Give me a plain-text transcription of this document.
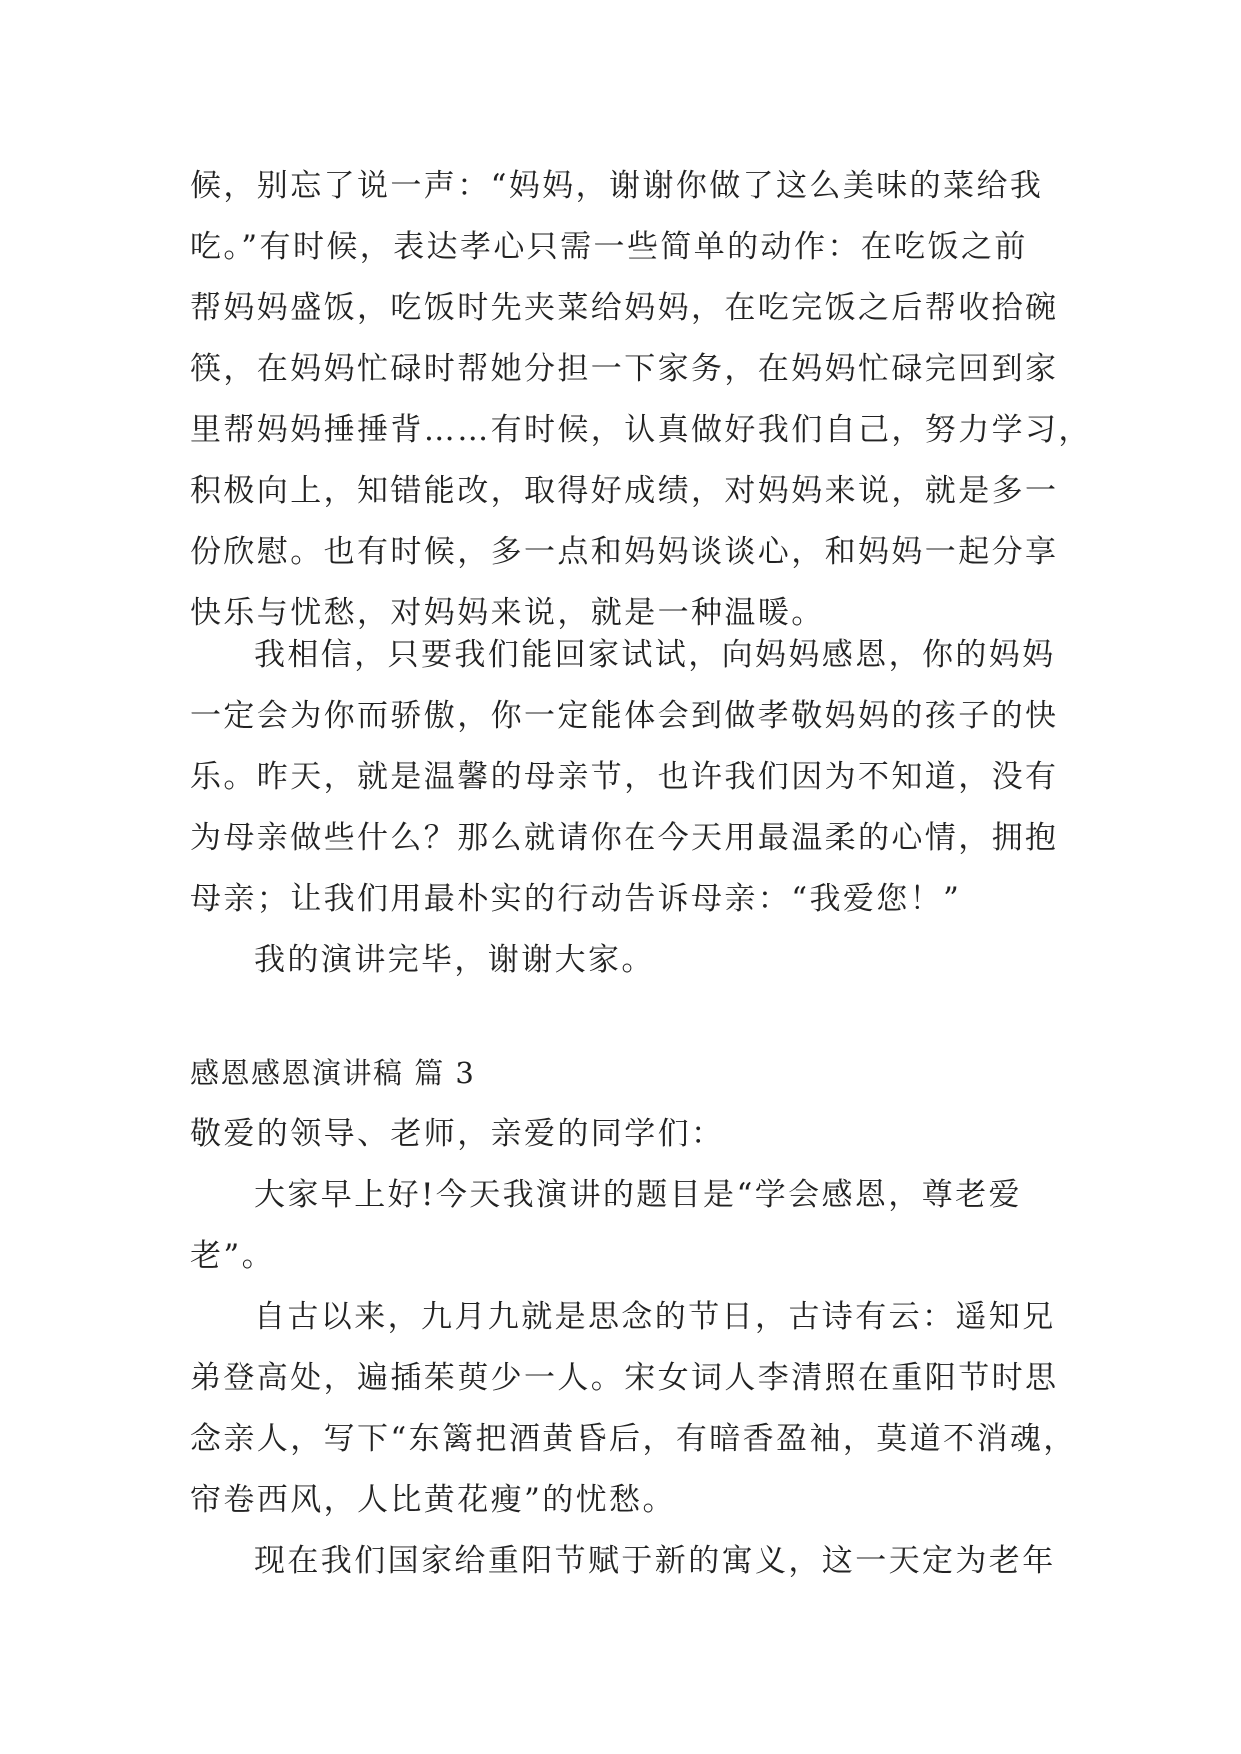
候，别忘了说一声：“妈妈，谢谢你做了这么美味的菜给我
吃。”有时候，表达孝心只需一些简单的动作：在吃饭之前
帮妈妈盛饭，吃饭时先夹菜给妈妈，在吃完饭之后帮收拾碗
筷，在妈妈忙碌时帮她分担一下家务，在妈妈忙碌完回到家
里帮妈妈捶捶背……有时候，认真做好我们自己，努力学习，
积极向上，知错能改，取得好成绩，对妈妈来说，就是多一
份欣慰。也有时候，多一点和妈妈谈谈心，和妈妈一起分享
快乐与忧愁，对妈妈来说，就是一种温暖。
我相信，只要我们能回家试试，向妈妈感恩，你的妈妈
一定会为你而骄傲，你一定能体会到做孝敬妈妈的孩子的快
乐。昨天，就是温馨的母亲节，也许我们因为不知道，没有
为母亲做些什么？那么就请你在今天用最温柔的心情，拥抱
母亲；让我们用最朴实的行动告诉母亲：“我爱您！”
我的演讲完毕，谢谢大家。
感恩感恩演讲稿 篇 3
敬爱的领导、老师，亲爱的同学们：
大家早上好!今天我演讲的题目是“学会感恩，尊老爱
老”。
自古以来，九月九就是思念的节日，古诗有云：遥知兄
弟登高处，遍插茱萸少一人。宋女词人李清照在重阳节时思
念亲人，写下“东篱把酒黄昏后，有暗香盈袖，莫道不消魂，
帘卷西风，人比黄花瘦”的忧愁。
现在我们国家给重阳节赋于新的寓义，这一天定为老年
